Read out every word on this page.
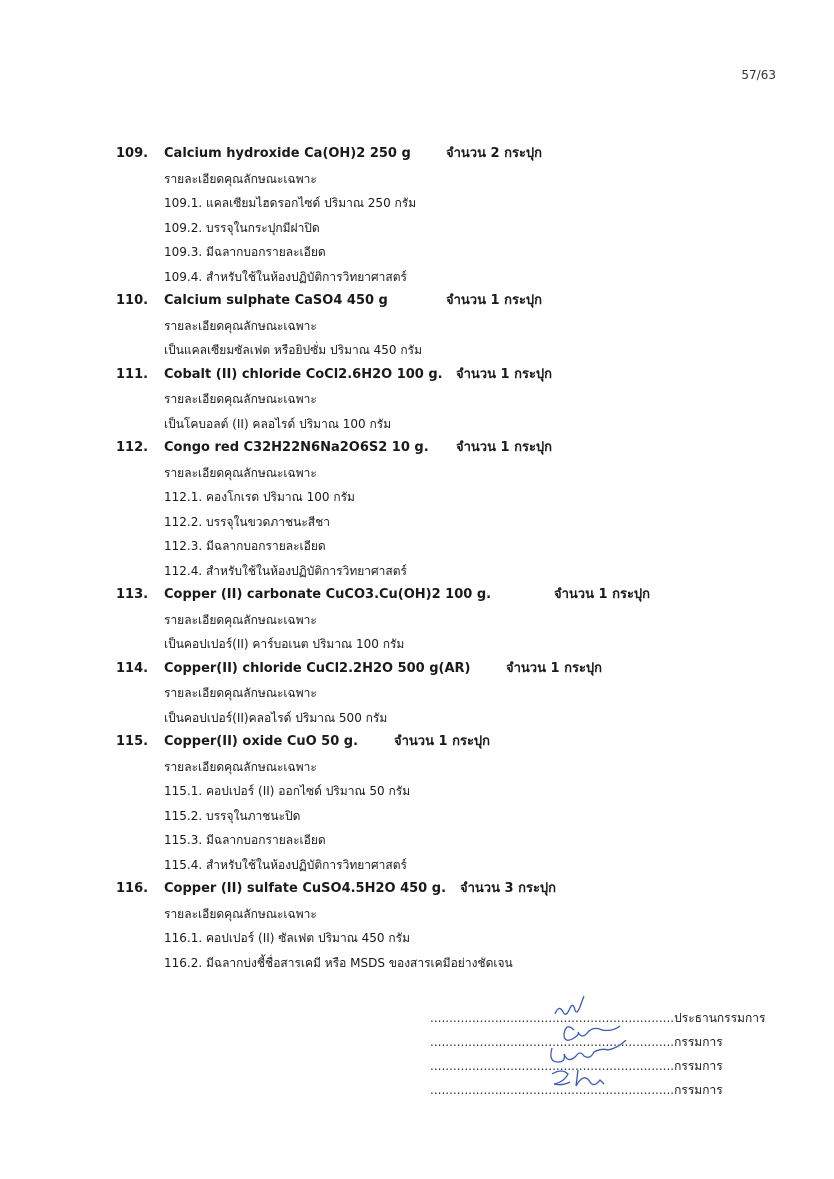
57/63
109.	Calcium hydroxide Ca(OH)2 250 g	จำนวน 2 กระปุก
รายละเอียดคุณลักษณะเฉพาะ
109.1. แคลเซียมไฮดรอกไซด์ ปริมาณ 250 กรัม
109.2. บรรจุในกระปุกมีฝาปิด
109.3. มีฉลากบอกรายละเอียด
109.4. สำหรับใช้ในห้องปฏิบัติการวิทยาศาสตร์
110.	Calcium sulphate CaSO4 450 g	จำนวน 1 กระปุก
รายละเอียดคุณลักษณะเฉพาะ
เป็นแคลเซียมซัลเฟต หรือยิปซั่ม ปริมาณ 450 กรัม
111.	Cobalt (II) chloride CoCl2.6H2O 100 g.	จำนวน 1 กระปุก
รายละเอียดคุณลักษณะเฉพาะ
เป็นโคบอลต์ (II) คลอไรด์ ปริมาณ 100 กรัม
112.	Congo red C32H22N6Na2O6S2 10 g.	จำนวน 1 กระปุก
รายละเอียดคุณลักษณะเฉพาะ
112.1. คองโกเรด ปริมาณ 100 กรัม
112.2. บรรจุในขวดภาชนะสีชา
112.3. มีฉลากบอกรายละเอียด
112.4. สำหรับใช้ในห้องปฏิบัติการวิทยาศาสตร์
113.	Copper (II) carbonate CuCO3.Cu(OH)2 100 g.	จำนวน 1 กระปุก
รายละเอียดคุณลักษณะเฉพาะ
เป็นคอปเปอร์(II) คาร์บอเนต ปริมาณ 100 กรัม
114.	Copper(II) chloride CuCl2.2H2O 500 g(AR)	จำนวน 1 กระปุก
รายละเอียดคุณลักษณะเฉพาะ
เป็นคอปเปอร์(II)คลอไรด์ ปริมาณ 500 กรัม
115.	Copper(II) oxide CuO 50 g.	จำนวน 1 กระปุก
รายละเอียดคุณลักษณะเฉพาะ
115.1. คอปเปอร์ (II) ออกไซด์ ปริมาณ 50 กรัม
115.2. บรรจุในภาชนะปิด
115.3. มีฉลากบอกรายละเอียด
115.4. สำหรับใช้ในห้องปฏิบัติการวิทยาศาสตร์
116.	Copper (II) sulfate CuSO4.5H2O 450 g.	จำนวน 3 กระปุก
รายละเอียดคุณลักษณะเฉพาะ
116.1. คอปเปอร์ (II) ซัลเฟต ปริมาณ 450 กรัม
116.2. มีฉลากบ่งชี้ชื่อสารเคมี หรือ MSDS ของสารเคมีอย่างชัดเจน
................................................................ประธานกรรมการ
................................................................กรรมการ
................................................................กรรมการ
................................................................กรรมการ
